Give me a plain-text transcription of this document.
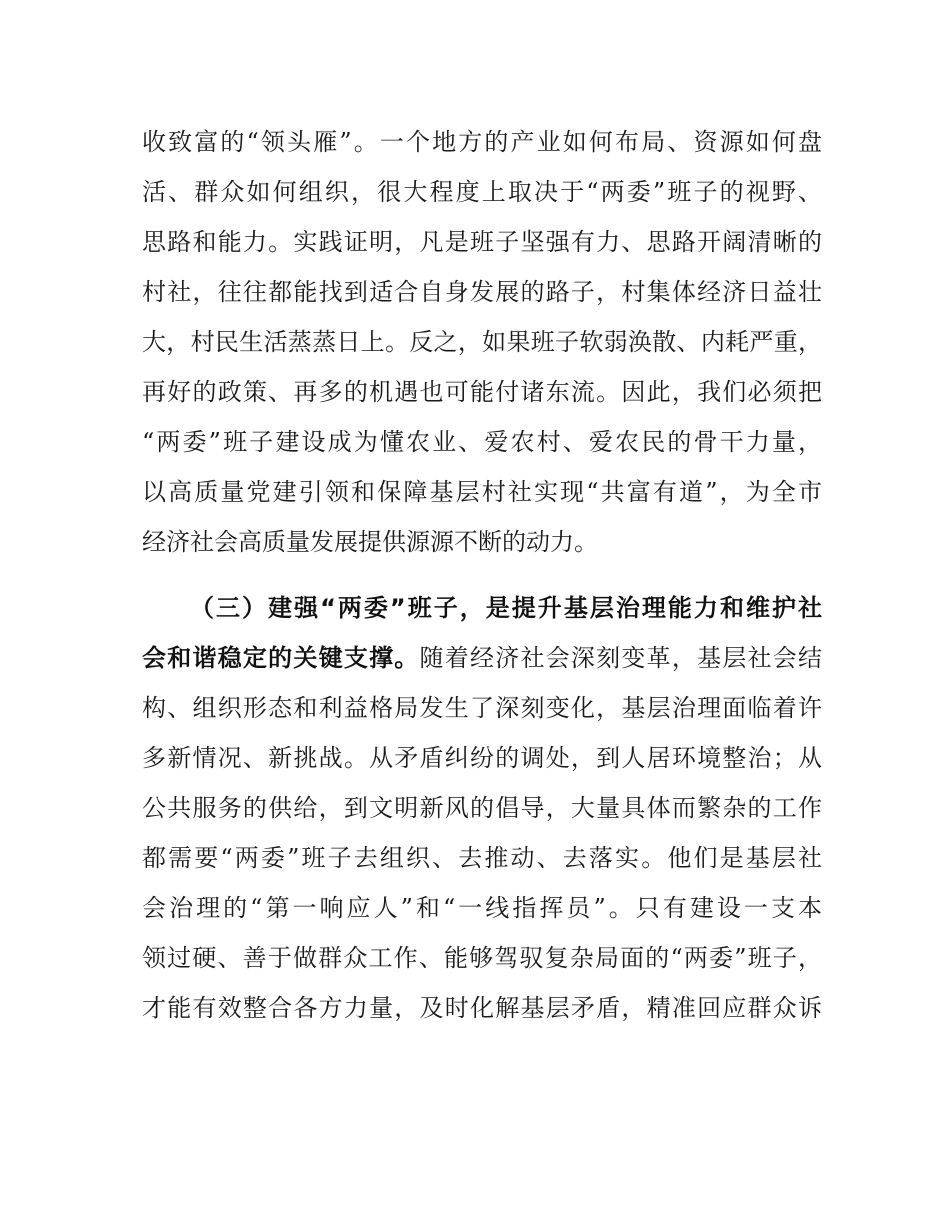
收致富的“领头雁”。一个地方的产业如何布局、资源如何盘
活、群众如何组织，很大程度上取决于“两委”班子的视野、
思路和能力。实践证明，凡是班子坚强有力、思路开阔清晰的
村社，往往都能找到适合自身发展的路子，村集体经济日益壮
大，村民生活蒸蒸日上。反之，如果班子软弱涣散、内耗严重，
再好的政策、再多的机遇也可能付诸东流。因此，我们必须把
“两委”班子建设成为懂农业、爱农村、爱农民的骨干力量，
以高质量党建引领和保障基层村社实现“共富有道”，为全市
经济社会高质量发展提供源源不断的动力。
（三）建强“两委”班子，是提升基层治理能力和维护社
会和谐稳定的关键支撑。随着经济社会深刻变革，基层社会结
构、组织形态和利益格局发生了深刻变化，基层治理面临着许
多新情况、新挑战。从矛盾纠纷的调处，到人居环境整治；从
公共服务的供给，到文明新风的倡导，大量具体而繁杂的工作
都需要“两委”班子去组织、去推动、去落实。他们是基层社
会治理的“第一响应人”和“一线指挥员”。只有建设一支本
领过硬、善于做群众工作、能够驾驭复杂局面的“两委”班子，
才能有效整合各方力量，及时化解基层矛盾，精准回应群众诉
